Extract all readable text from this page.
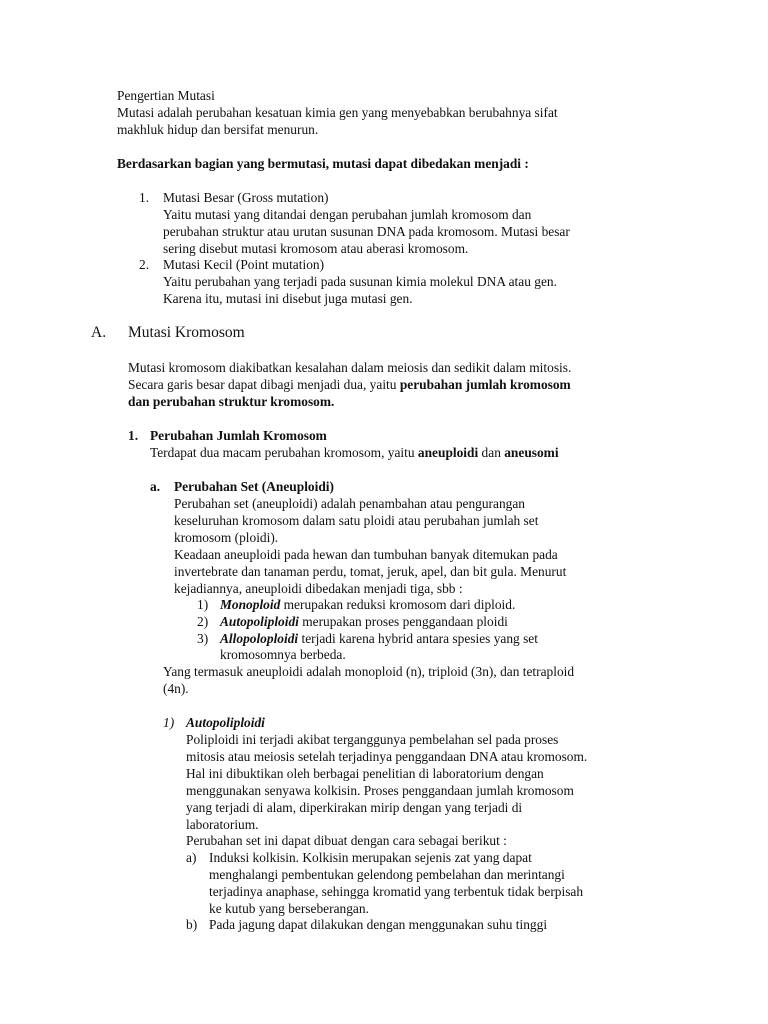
Pengertian Mutasi
Mutasi adalah perubahan kesatuan kimia gen yang menyebabkan berubahnya sifat
makhluk hidup dan bersifat menurun.
Berdasarkan bagian yang bermutasi, mutasi dapat dibedakan menjadi :
1. Mutasi Besar (Gross mutation)
Yaitu mutasi yang ditandai dengan perubahan jumlah kromosom dan
perubahan struktur atau urutan susunan DNA pada kromosom. Mutasi besar
sering disebut mutasi kromosom atau aberasi kromosom.
2. Mutasi Kecil (Point mutation)
Yaitu perubahan yang terjadi pada susunan kimia molekul DNA atau gen.
Karena itu, mutasi ini disebut juga mutasi gen.
A. Mutasi Kromosom
Mutasi kromosom diakibatkan kesalahan dalam meiosis dan sedikit dalam mitosis.
Secara garis besar dapat dibagi menjadi dua, yaitu perubahan jumlah kromosom
dan perubahan struktur kromosom.
1. Perubahan Jumlah Kromosom
Terdapat dua macam perubahan kromosom, yaitu aneuploidi dan aneusomi
a. Perubahan Set (Aneuploidi)
Perubahan set (aneuploidi) adalah penambahan atau pengurangan
keseluruhan kromosom dalam satu ploidi atau perubahan jumlah set
kromosom (ploidi).
Keadaan aneuploidi pada hewan dan tumbuhan banyak ditemukan pada
invertebrate dan tanaman perdu, tomat, jeruk, apel, dan bit gula. Menurut
kejadiannya, aneuploidi dibedakan menjadi tiga, sbb :
1) Monoploid merupakan reduksi kromosom dari diploid.
2) Autopoliploidi merupakan proses penggandaan ploidi
3) Allopoloploidi terjadi karena hybrid antara spesies yang set
kromosomnya berbeda.
Yang termasuk aneuploidi adalah monoploid (n), triploid (3n), dan tetraploid
(4n).
1) Autopoliploidi
Poliploidi ini terjadi akibat terganggunya pembelahan sel pada proses
mitosis atau meiosis setelah terjadinya penggandaan DNA atau kromosom.
Hal ini dibuktikan oleh berbagai penelitian di laboratorium dengan
menggunakan senyawa kolkisin. Proses penggandaan jumlah kromosom
yang terjadi di alam, diperkirakan mirip dengan yang terjadi di
laboratorium.
Perubahan set ini dapat dibuat dengan cara sebagai berikut :
a) Induksi kolkisin. Kolkisin merupakan sejenis zat yang dapat
menghalangi pembentukan gelendong pembelahan dan merintangi
terjadinya anaphase, sehingga kromatid yang terbentuk tidak berpisah
ke kutub yang berseberangan.
b) Pada jagung dapat dilakukan dengan menggunakan suhu tinggi
